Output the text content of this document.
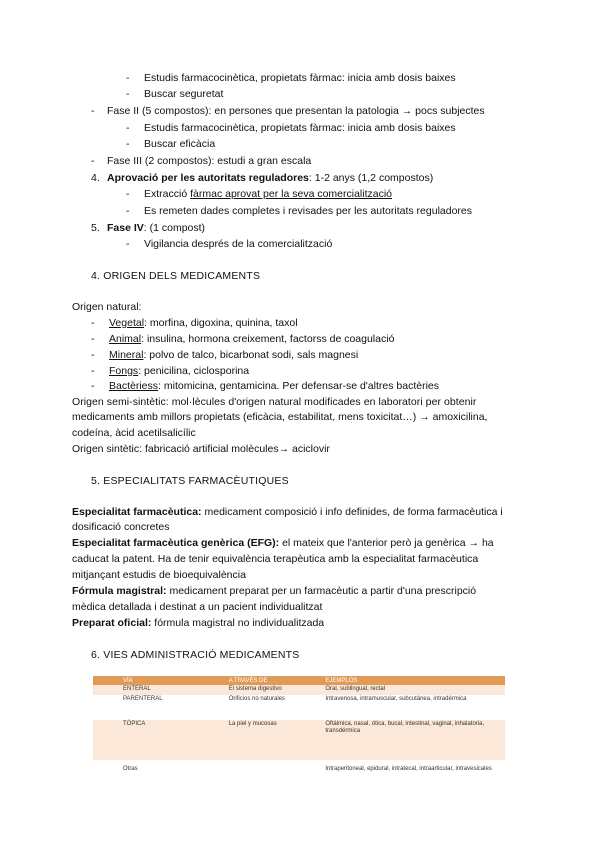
- Estudis farmacocinètica, propietats fàrmac: inicia amb dosis baixes
- Buscar seguretat
- Fase II (5 compostos): en persones que presentan la patologia → pocs subjectes
- Estudis farmacocinètica, propietats fàrmac: inicia amb dosis baixes
- Buscar eficàcia
- Fase III (2 compostos): estudi a gran escala
4. Aprovació per les autoritats reguladores: 1-2 anys (1,2 compostos)
- Extracció fàrmac aprovat per la seva comercialització
- Es remeten dades completes i revisades per les autoritats reguladores
5. Fase IV: (1 compost)
- Vigilancia després de la comercialització
4. ORIGEN DELS MEDICAMENTS
Origen natural:
- Vegetal: morfina, digoxina, quinina, taxol
- Animal: insulina, hormona creixement, factorss de coagulació
- Mineral: polvo de talco, bicarbonat sodi, sals magnesi
- Fongs: penicilina, ciclosporina
- Bactèriess: mitomicina, gentamicina. Per defensar-se d'altres bactèries
Origen semi-sintètic: mol·lècules d'origen natural modificades en laboratori per obtenir
medicaments amb millors propietats (eficàcia, estabilitat, mens toxicitat…) → amoxicilina,
codeína, àcid acetilsalicílic
Origen sintètic: fabricació artificial molècules→ aciclovir
5. ESPECIALITATS FARMACÈUTIQUES
Especialitat farmacèutica: medicament composició i info definides, de forma farmacèutica i
dosificació concretes
Especialitat farmacèutica genèrica (EFG): el mateix que l'anterior però ja genèrica → ha
caducat la patent. Ha de tenir equivalència terapèutica amb la especialitat farmacèutica
mitjançant estudis de bioequivalència
Fórmula magistral: medicament preparat per un farmacèutic a partir d'una prescripció
mèdica detallada i destinat a un pacient individualitzat
Preparat oficial: fórmula magistral no individualitzada
6. VIES ADMINISTRACIÓ MEDICAMENTS
VÍA	A TRAVÉS DE	EJEMPLOS
ENTERAL	El sistema digestivo	Oral, sublingual, rectal
PARENTERAL	Orificios no naturales	Intravenosa, intramuscular, subcutánea, intradérmica
TÓPICA	La piel y mucosas	Oftálmica, nasal, ótica, bucal, intestinal, vaginal, inhalatoria, transdérmica
Otras		Intraperitoneal, epidural, intratecal, intraarticular, intravesicales
